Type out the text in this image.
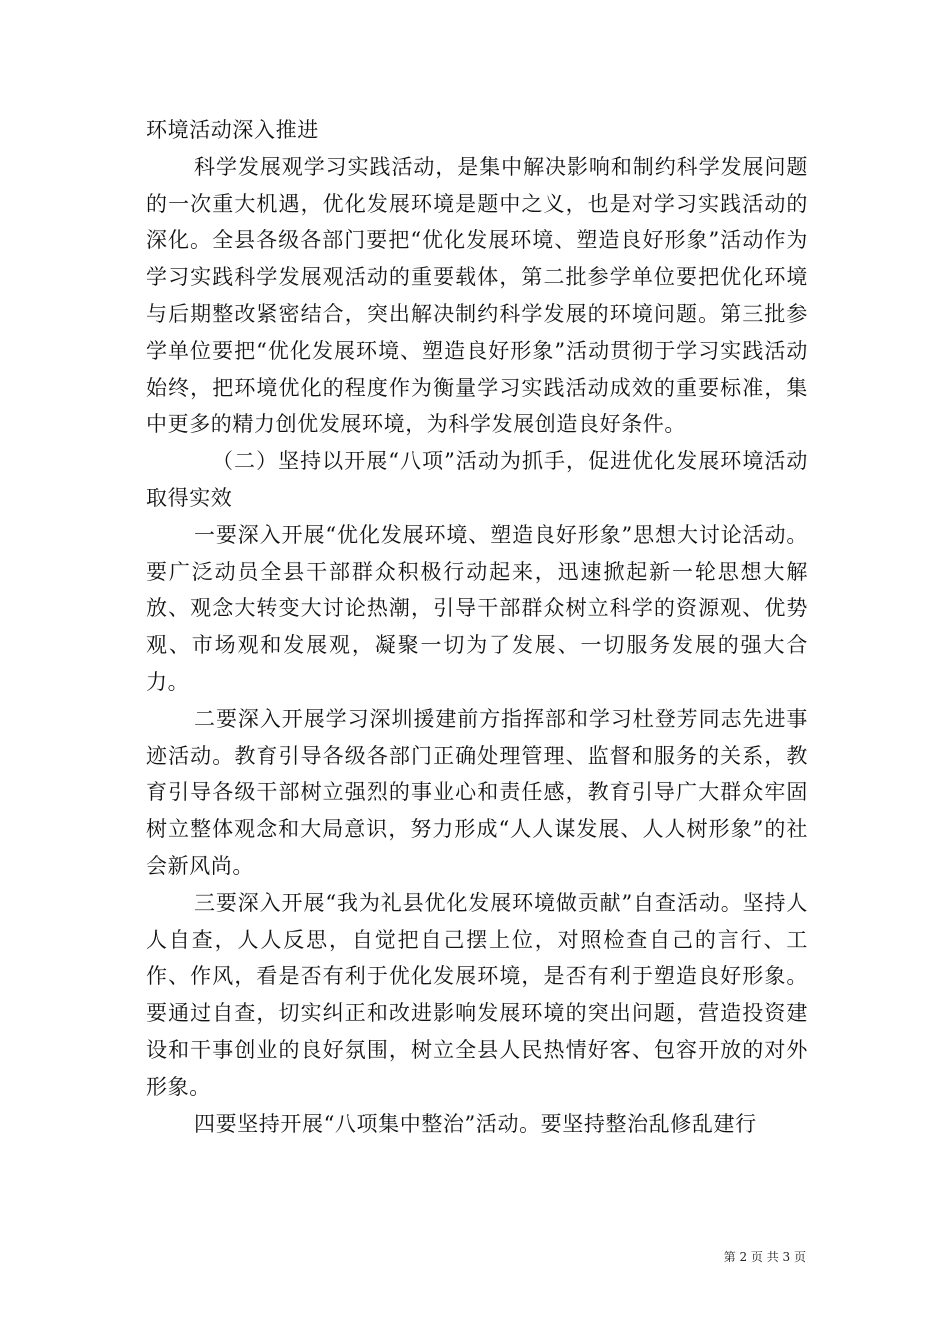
环境活动深入推进

科学发展观学习实践活动，是集中解决影响和制约科学发展问题的一次重大机遇，优化发展环境是题中之义，也是对学习实践活动的深化。全县各级各部门要把“优化发展环境、塑造良好形象”活动作为学习实践科学发展观活动的重要载体，第二批参学单位要把优化环境与后期整改紧密结合，突出解决制约科学发展的环境问题。第三批参学单位要把“优化发展环境、塑造良好形象”活动贯彻于学习实践活动始终，把环境优化的程度作为衡量学习实践活动成效的重要标准，集中更多的精力创优发展环境，为科学发展创造良好条件。

（二）坚持以开展“八项”活动为抓手，促进优化发展环境活动取得实效

一要深入开展“优化发展环境、塑造良好形象”思想大讨论活动。要广泛动员全县干部群众积极行动起来，迅速掀起新一轮思想大解放、观念大转变大讨论热潮，引导干部群众树立科学的资源观、优势观、市场观和发展观，凝聚一切为了发展、一切服务发展的强大合力。

二要深入开展学习深圳援建前方指挥部和学习杜登芳同志先进事迹活动。教育引导各级各部门正确处理管理、监督和服务的关系，教育引导各级干部树立强烈的事业心和责任感，教育引导广大群众牢固树立整体观念和大局意识，努力形成“人人谋发展、人人树形象”的社会新风尚。

三要深入开展“我为礼县优化发展环境做贡献”自查活动。坚持人人自查，人人反思，自觉把自己摆上位，对照检查自己的言行、工作、作风，看是否有利于优化发展环境，是否有利于塑造良好形象。要通过自查，切实纠正和改进影响发展环境的突出问题，营造投资建设和干事创业的良好氛围，树立全县人民热情好客、包容开放的对外形象。

四要坚持开展“八项集中整治”活动。要坚持整治乱修乱建行

第 2 页 共 3 页
